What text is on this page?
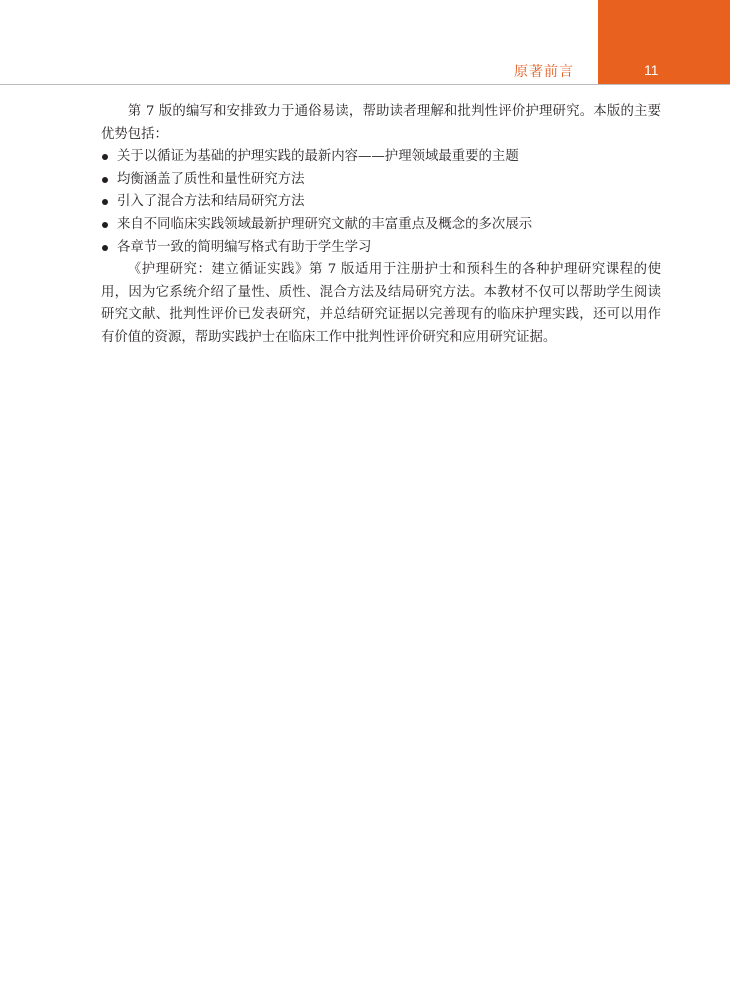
原著前言	11

第 7 版的编写和安排致力于通俗易读，帮助读者理解和批判性评价护理研究。本版的主要优势包括：

关于以循证为基础的护理实践的最新内容——护理领域最重要的主题
均衡涵盖了质性和量性研究方法
引入了混合方法和结局研究方法
来自不同临床实践领域最新护理研究文献的丰富重点及概念的多次展示
各章节一致的简明编写格式有助于学生学习

《护理研究：建立循证实践》第 7 版适用于注册护士和预科生的各种护理研究课程的使用，因为它系统介绍了量性、质性、混合方法及结局研究方法。本教材不仅可以帮助学生阅读研究文献、批判性评价已发表研究，并总结研究证据以完善现有的临床护理实践，还可以用作有价值的资源，帮助实践护士在临床工作中批判性评价研究和应用研究证据。
